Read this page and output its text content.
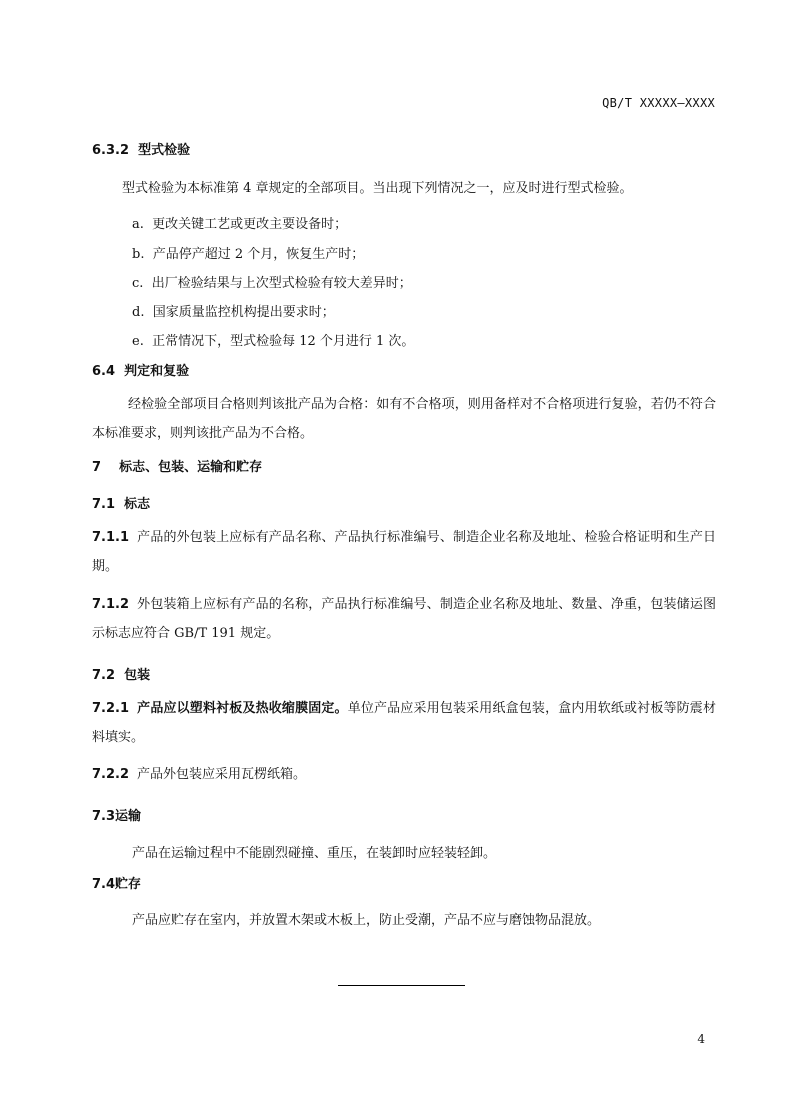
QB/T XXXXX—XXXX
6.3.2 型式检验
型式检验为本标准第 4 章规定的全部项目。当出现下列情况之一，应及时进行型式检验。
a. 更改关键工艺或更改主要设备时；
b. 产品停产超过 2 个月，恢复生产时；
c. 出厂检验结果与上次型式检验有较大差异时；
d. 国家质量监控机构提出要求时；
e. 正常情况下，型式检验每 12 个月进行 1 次。
6.4 判定和复验
经检验全部项目合格则判该批产品为合格：如有不合格项，则用备样对不合格项进行复验，若仍不符合本标准要求，则判该批产品为不合格。
7 标志、包装、运输和贮存
7.1 标志
7.1.1 产品的外包装上应标有产品名称、产品执行标准编号、制造企业名称及地址、检验合格证明和生产日期。
7.1.2 外包装箱上应标有产品的名称，产品执行标准编号、制造企业名称及地址、数量、净重，包装储运图示标志应符合 GB/T 191 规定。
7.2 包装
7.2.1 产品应以塑料衬板及热收缩膜固定。单位产品应采用包装采用纸盒包装，盒内用软纸或衬板等防震材料填实。
7.2.2 产品外包装应采用瓦楞纸箱。
7.3运输
产品在运输过程中不能剧烈碰撞、重压，在装卸时应轻装轻卸。
7.4贮存
产品应贮存在室内，并放置木架或木板上，防止受潮，产品不应与磨蚀物品混放。
4
